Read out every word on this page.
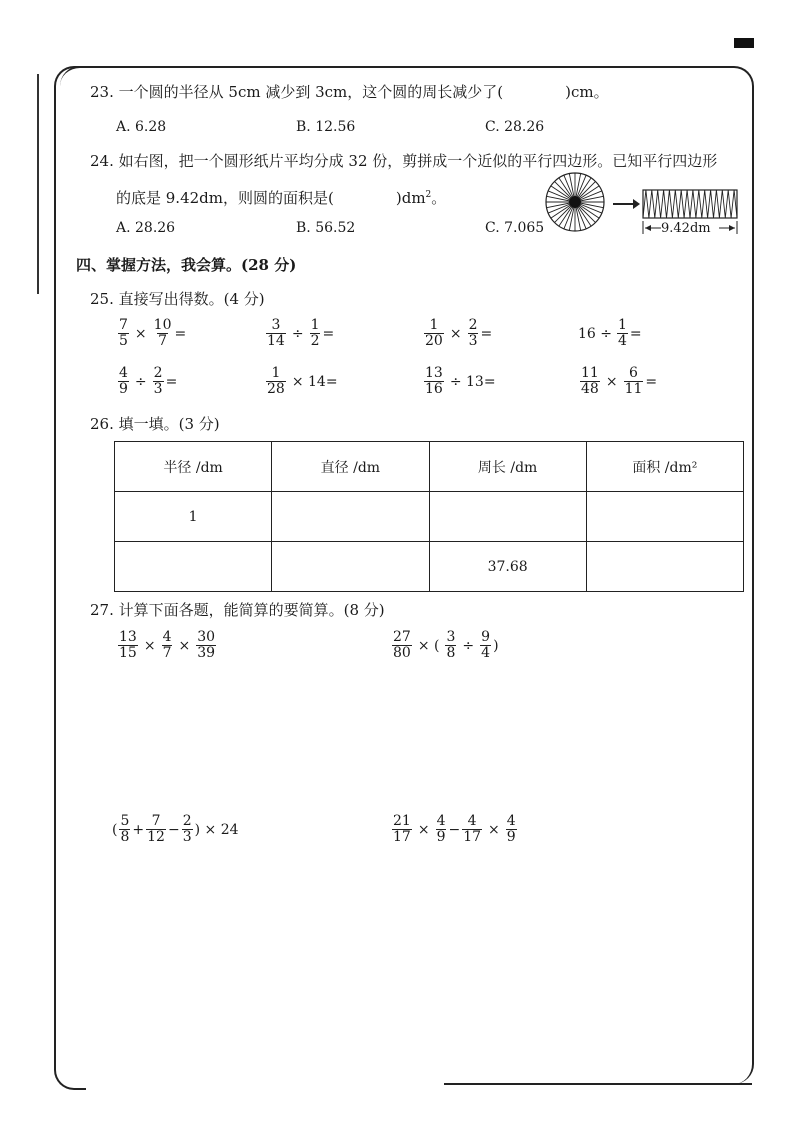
23. 一个圆的半径从 5cm 减少到 3cm，这个圆的周长减少了(	)cm。
A. 6.28	B. 12.56	C. 28.26
24. 如右图，把一个圆形纸片平均分成 32 份，剪拼成一个近似的平行四边形。已知平行四边形
的底是 9.42dm，则圆的面积是(	)$dm^2$。
A. 28.26	B. 56.52	C. 7.065	9.42dm
四、掌握方法，我会算。(28 分)
25. 直接写出得数。(4 分)
$\frac{7}{5} \times \frac{10}{7}$ =	$\frac{3}{14} \div \frac{1}{2}$ =	$\frac{1}{20} \times \frac{2}{3}$ =	$16 \div \frac{1}{4}$ =
$\frac{4}{9} \div \frac{2}{3}$ =	$\frac{1}{28} \times 14=$	$\frac{13}{16} \div 13=$	$\frac{11}{48} \times \frac{6}{11}$ =
26. 填一填。(3 分)
半径 /dm	直径 /dm	周长 /dm	面积 /dm²
1			
		37.68	
27. 计算下面各题，能简算的要简算。(8 分)
$\frac{13}{15} \times \frac{4}{7} \times \frac{30}{39}$	$\frac{27}{80}$ × ( $\frac{3}{8} \div \frac{9}{4}$ )
( $\frac{5}{8} + \frac{7}{12} - \frac{2}{3}$ ) × 24	$\frac{21}{17} \times \frac{4}{9} - \frac{4}{17} \times \frac{4}{9}$
